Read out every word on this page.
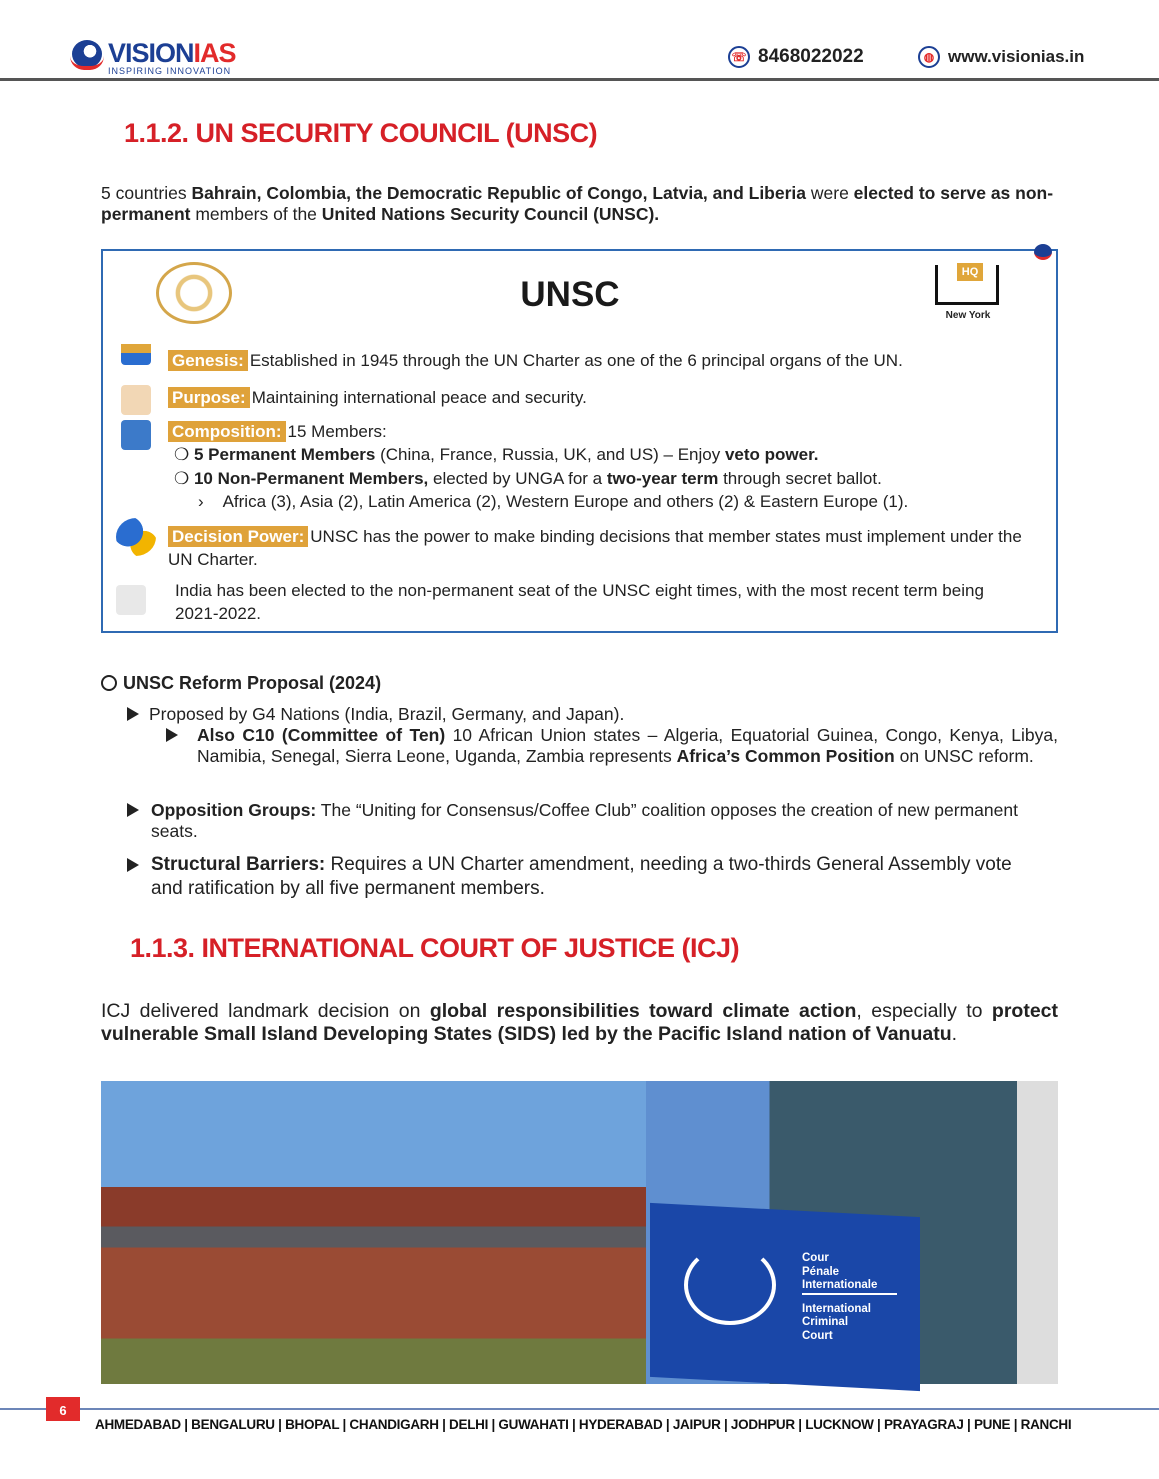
VISIONIAS
INSPIRING INNOVATION
☏ 8468022022	◍ www.visionias.in
1.1.2. UN SECURITY COUNCIL (UNSC)

5 countries Bahrain, Colombia, the Democratic Republic of Congo, Latvia, and Liberia were elected to serve as non-permanent members of the United Nations Security Council (UNSC).

UNSC
HQ
New York
Genesis: Established in 1945 through the UN Charter as one of the 6 principal organs of the UN.
Purpose: Maintaining international peace and security.
Composition: 15 Members:
❍ 5 Permanent Members (China, France, Russia, UK, and US) – Enjoy veto power.
❍ 10 Non-Permanent Members, elected by UNGA for a two-year term through secret ballot.
›    Africa (3), Asia (2), Latin America (2), Western Europe and others (2) & Eastern Europe (1).
Decision Power: UNSC has the power to make binding decisions that member states must implement under the UN Charter.
India has been elected to the non-permanent seat of the UNSC eight times, with the most recent term being 2021-2022.
UNSC Reform Proposal (2024)
Proposed by G4 Nations (India, Brazil, Germany, and Japan).
Also C10 (Committee of Ten) 10 African Union states – Algeria, Equatorial Guinea, Congo, Kenya, Libya, Namibia, Senegal, Sierra Leone, Uganda, Zambia represents Africa’s Common Position on UNSC reform.
Opposition Groups: The “Uniting for Consensus/Coffee Club” coalition opposes the creation of new permanent seats.
Structural Barriers: Requires a UN Charter amendment, needing a two-thirds General Assembly vote and ratification by all five permanent members.
1.1.3. INTERNATIONAL COURT OF JUSTICE (ICJ)

ICJ delivered landmark decision on global responsibilities toward climate action, especially to protect vulnerable Small Island Developing States (SIDS) led by the Pacific Island nation of Vanuatu.

Cour
Pénale
Internationale
International
Criminal
Court
6
AHMEDABAD | BENGALURU | BHOPAL | CHANDIGARH | DELHI | GUWAHATI | HYDERABAD | JAIPUR | JODHPUR | LUCKNOW | PRAYAGRAJ | PUNE | RANCHI
